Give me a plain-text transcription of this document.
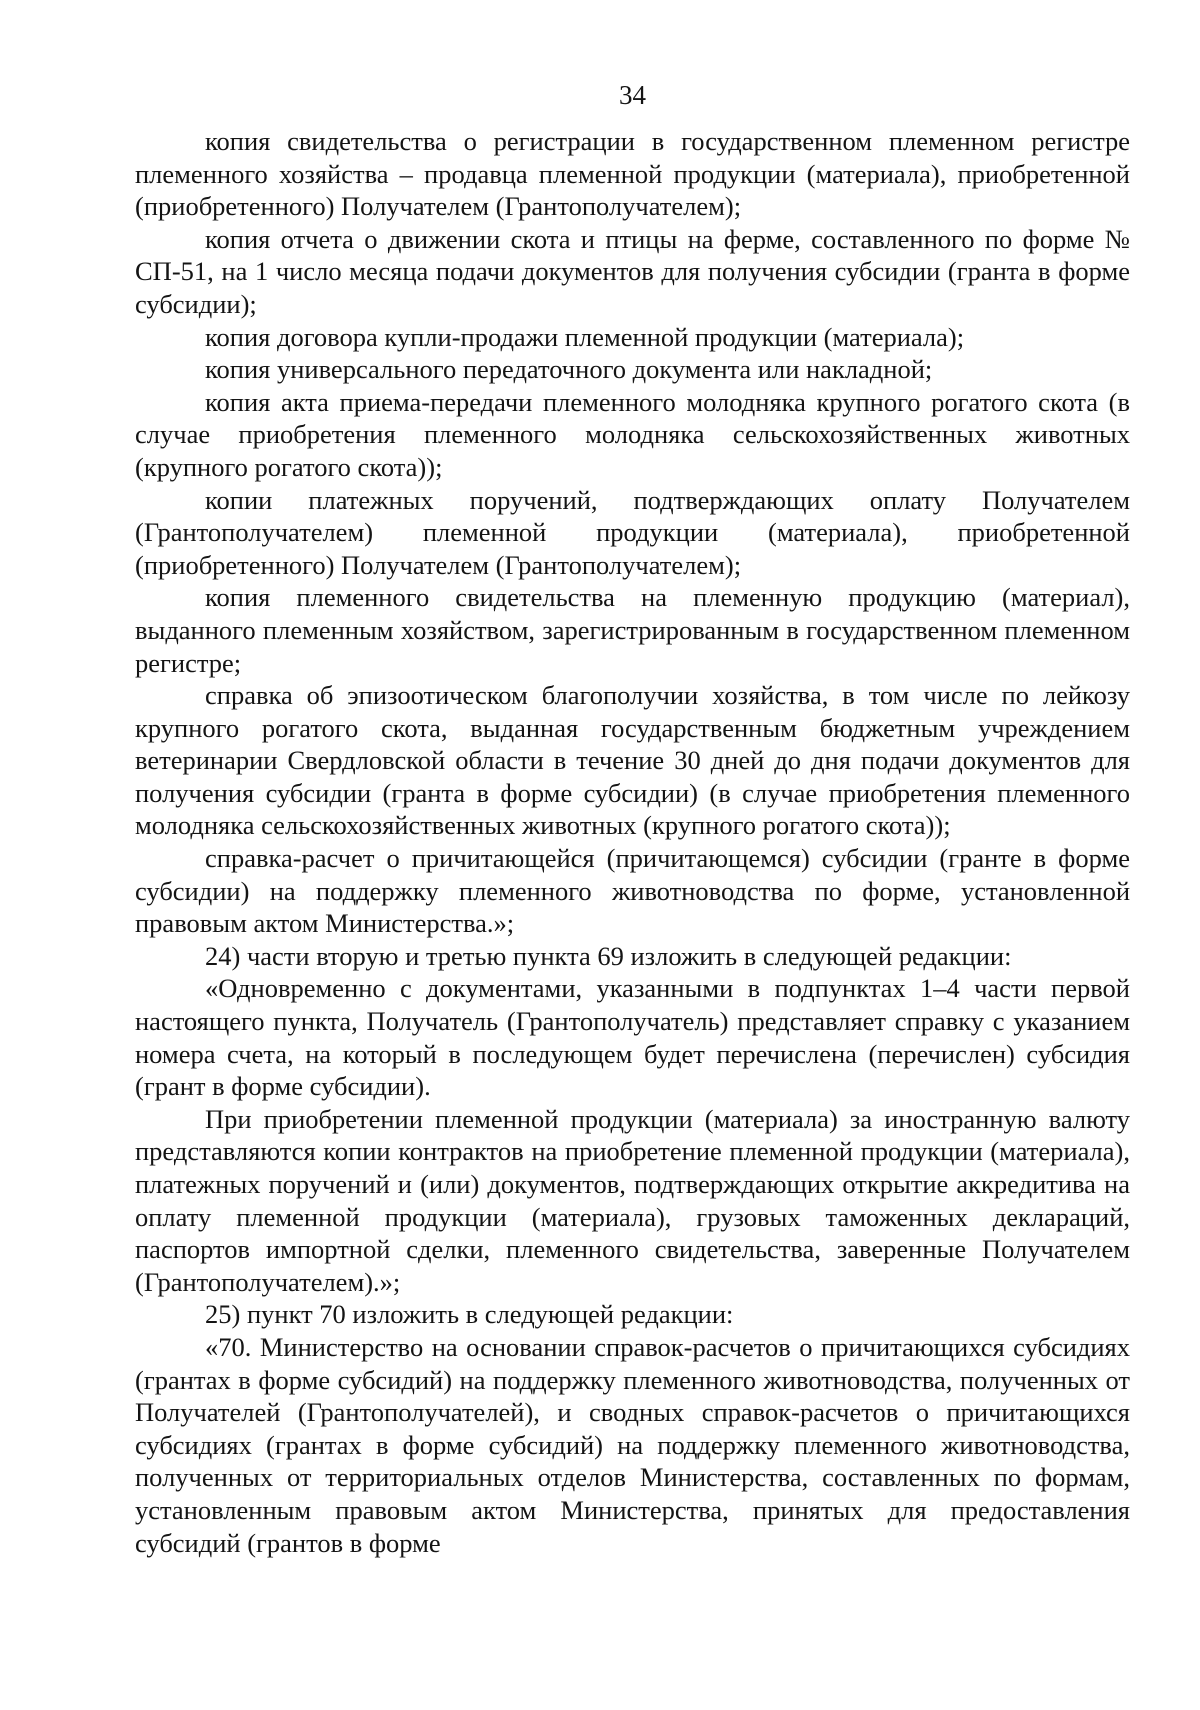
34

копия свидетельства о регистрации в государственном племенном регистре племенного хозяйства – продавца племенной продукции (материала), приобретенной (приобретенного) Получателем (Грантополучателем);

копия отчета о движении скота и птицы на ферме, составленного по форме № СП-51, на 1 число месяца подачи документов для получения субсидии (гранта в форме субсидии);

копия договора купли-продажи племенной продукции (материала);

копия универсального передаточного документа или накладной;

копия акта приема-передачи племенного молодняка крупного рогатого скота (в случае приобретения племенного молодняка сельскохозяйственных животных (крупного рогатого скота));

копии платежных поручений, подтверждающих оплату Получателем (Грантополучателем) племенной продукции (материала), приобретенной (приобретенного) Получателем (Грантополучателем);

копия племенного свидетельства на племенную продукцию (материал), выданного племенным хозяйством, зарегистрированным в государственном племенном регистре;

справка об эпизоотическом благополучии хозяйства, в том числе по лейкозу крупного рогатого скота, выданная государственным бюджетным учреждением ветеринарии Свердловской области в течение 30 дней до дня подачи документов для получения субсидии (гранта в форме субсидии) (в случае приобретения племенного молодняка сельскохозяйственных животных (крупного рогатого скота));

справка-расчет о причитающейся (причитающемся) субсидии (гранте в форме субсидии) на поддержку племенного животноводства по форме, установленной правовым актом Министерства.»;

24) части вторую и третью пункта 69 изложить в следующей редакции:

«Одновременно с документами, указанными в подпунктах 1–4 части первой настоящего пункта, Получатель (Грантополучатель) представляет справку с указанием номера счета, на который в последующем будет перечислена (перечислен) субсидия (грант в форме субсидии).

При приобретении племенной продукции (материала) за иностранную валюту представляются копии контрактов на приобретение племенной продукции (материала), платежных поручений и (или) документов, подтверждающих открытие аккредитива на оплату племенной продукции (материала), грузовых таможенных деклараций, паспортов импортной сделки, племенного свидетельства, заверенные Получателем (Грантополучателем).»;

25) пункт 70 изложить в следующей редакции:

«70. Министерство на основании справок-расчетов о причитающихся субсидиях (грантах в форме субсидий) на поддержку племенного животноводства, полученных от Получателей (Грантополучателей), и сводных справок-расчетов о причитающихся субсидиях (грантах в форме субсидий) на поддержку племенного животноводства, полученных от территориальных отделов Министерства, составленных по формам, установленным правовым актом Министерства, принятых для предоставления субсидий (грантов в форме
